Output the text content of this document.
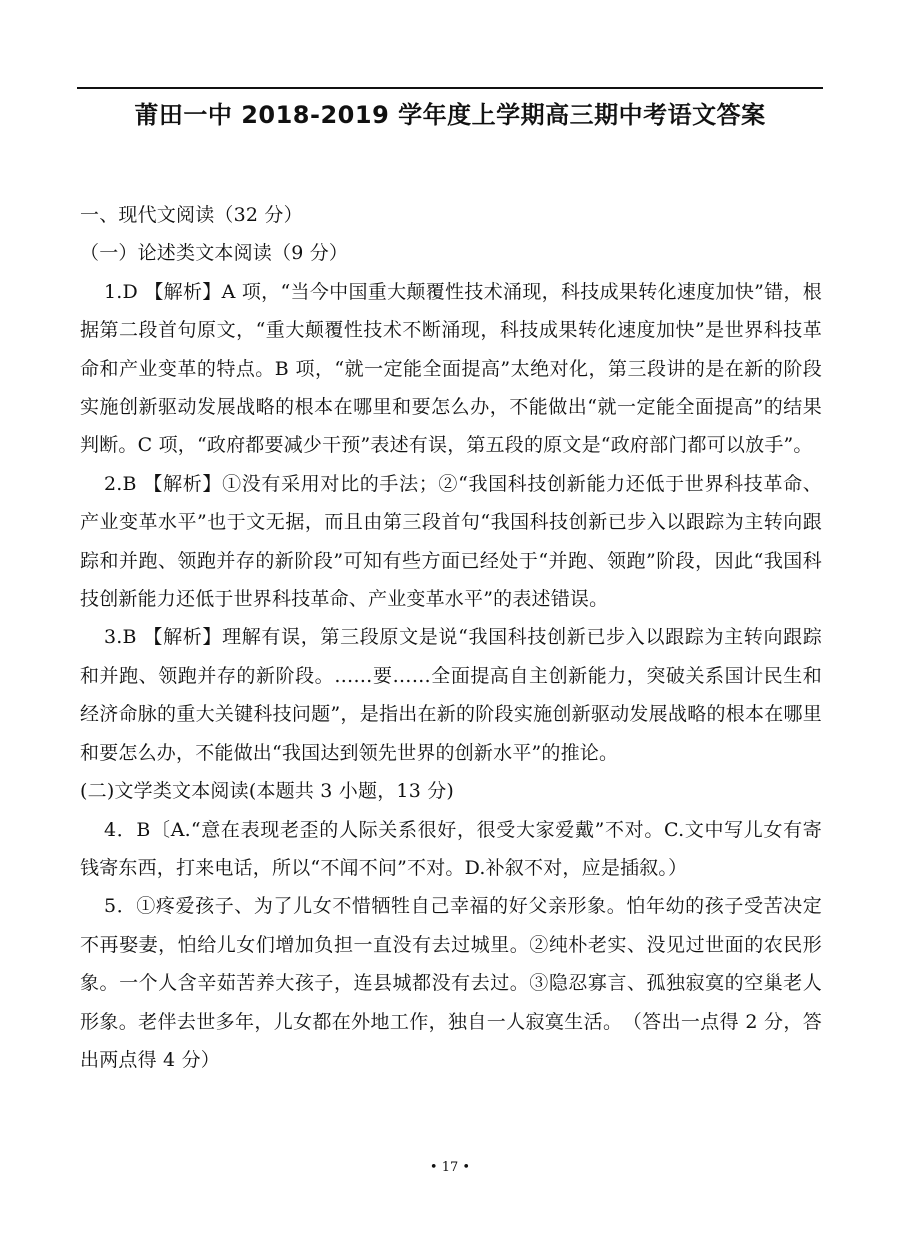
莆田一中 2018-2019 学年度上学期高三期中考语文答案

一、现代文阅读（32 分）

（一）论述类文本阅读（9 分）

1.D 【解析】A 项，“当今中国重大颠覆性技术涌现，科技成果转化速度加快”错，根据第二段首句原文，“重大颠覆性技术不断涌现，科技成果转化速度加快”是世界科技革命和产业变革的特点。B 项，“就一定能全面提高”太绝对化，第三段讲的是在新的阶段实施创新驱动发展战略的根本在哪里和要怎么办，不能做出“就一定能全面提高”的结果判断。C 项，“政府都要减少干预”表述有误，第五段的原文是“政府部门都可以放手”。

2.B 【解析】①没有采用对比的手法；②“我国科技创新能力还低于世界科技革命、产业变革水平”也于文无据，而且由第三段首句“我国科技创新已步入以跟踪为主转向跟踪和并跑、领跑并存的新阶段”可知有些方面已经处于“并跑、领跑”阶段，因此“我国科技创新能力还低于世界科技革命、产业变革水平”的表述错误。

3.B 【解析】理解有误，第三段原文是说“我国科技创新已步入以跟踪为主转向跟踪和并跑、领跑并存的新阶段。……要……全面提高自主创新能力，突破关系国计民生和经济命脉的重大关键科技问题”，是指出在新的阶段实施创新驱动发展战略的根本在哪里和要怎么办，不能做出“我国达到领先世界的创新水平”的推论。

(二)文学类文本阅读(本题共 3 小题，13 分)

4．B〔A.“意在表现老歪的人际关系很好，很受大家爱戴”不对。C.文中写儿女有寄钱寄东西，打来电话，所以“不闻不问”不对。D.补叙不对，应是插叙。）

5．①疼爱孩子、为了儿女不惜牺牲自己幸福的好父亲形象。怕年幼的孩子受苦决定不再娶妻，怕给儿女们增加负担一直没有去过城里。②纯朴老实、没见过世面的农民形象。一个人含辛茹苦养大孩子，连县城都没有去过。③隐忍寡言、孤独寂寞的空巢老人形象。老伴去世多年，儿女都在外地工作，独自一人寂寞生活。　（答出一点得 2 分，答出两点得 4 分）

• 17 •
